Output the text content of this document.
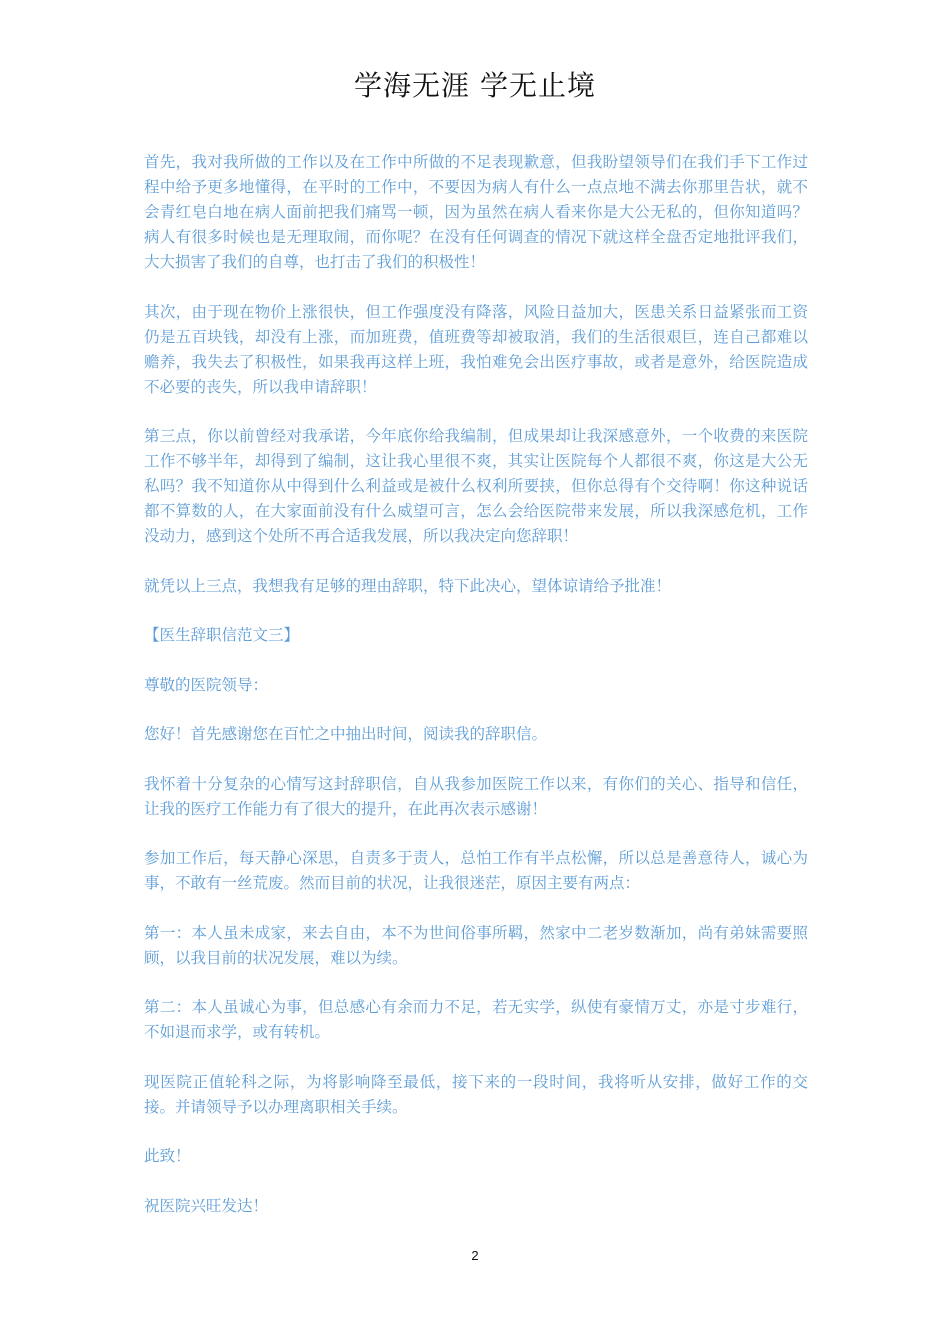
学海无涯 学无止境

首先，我对我所做的工作以及在工作中所做的不足表现歉意，但我盼望领导们在我们手下工作过程中给予更多地懂得，在平时的工作中，不要因为病人有什么一点点地不满去你那里告状，就不会青红皂白地在病人面前把我们痛骂一顿，因为虽然在病人看来你是大公无私的，但你知道吗？病人有很多时候也是无理取闹，而你呢？在没有任何调查的情况下就这样全盘否定地批评我们，大大损害了我们的自尊，也打击了我们的积极性！

其次，由于现在物价上涨很快，但工作强度没有降落，风险日益加大，医患关系日益紧张而工资仍是五百块钱，却没有上涨，而加班费，值班费等却被取消，我们的生活很艰巨，连自己都难以赡养，我失去了积极性，如果我再这样上班，我怕难免会出医疗事故，或者是意外，给医院造成不必要的丧失，所以我申请辞职！

第三点，你以前曾经对我承诺，今年底你给我编制，但成果却让我深感意外，一个收费的来医院工作不够半年，却得到了编制，这让我心里很不爽，其实让医院每个人都很不爽，你这是大公无私吗？我不知道你从中得到什么利益或是被什么权利所要挟，但你总得有个交待啊！你这种说话都不算数的人，在大家面前没有什么威望可言，怎么会给医院带来发展，所以我深感危机，工作没动力，感到这个处所不再合适我发展，所以我决定向您辞职！

就凭以上三点，我想我有足够的理由辞职，特下此决心，望体谅请给予批准！

【医生辞职信范文三】

尊敬的医院领导：

您好！首先感谢您在百忙之中抽出时间，阅读我的辞职信。

我怀着十分复杂的心情写这封辞职信，自从我参加医院工作以来，有你们的关心、指导和信任，让我的医疗工作能力有了很大的提升，在此再次表示感谢！

参加工作后，每天静心深思，自责多于责人，总怕工作有半点松懈，所以总是善意待人，诚心为事，不敢有一丝荒废。然而目前的状况，让我很迷茫，原因主要有两点：

第一：本人虽未成家，来去自由，本不为世间俗事所羁，然家中二老岁数渐加，尚有弟妹需要照顾，以我目前的状况发展，难以为续。

第二：本人虽诚心为事，但总感心有余而力不足，若无实学，纵使有豪情万丈，亦是寸步难行，不如退而求学，或有转机。

现医院正值轮科之际，为将影响降至最低，接下来的一段时间，我将听从安排，做好工作的交接。并请领导予以办理离职相关手续。

此致！

祝医院兴旺发达！

2
